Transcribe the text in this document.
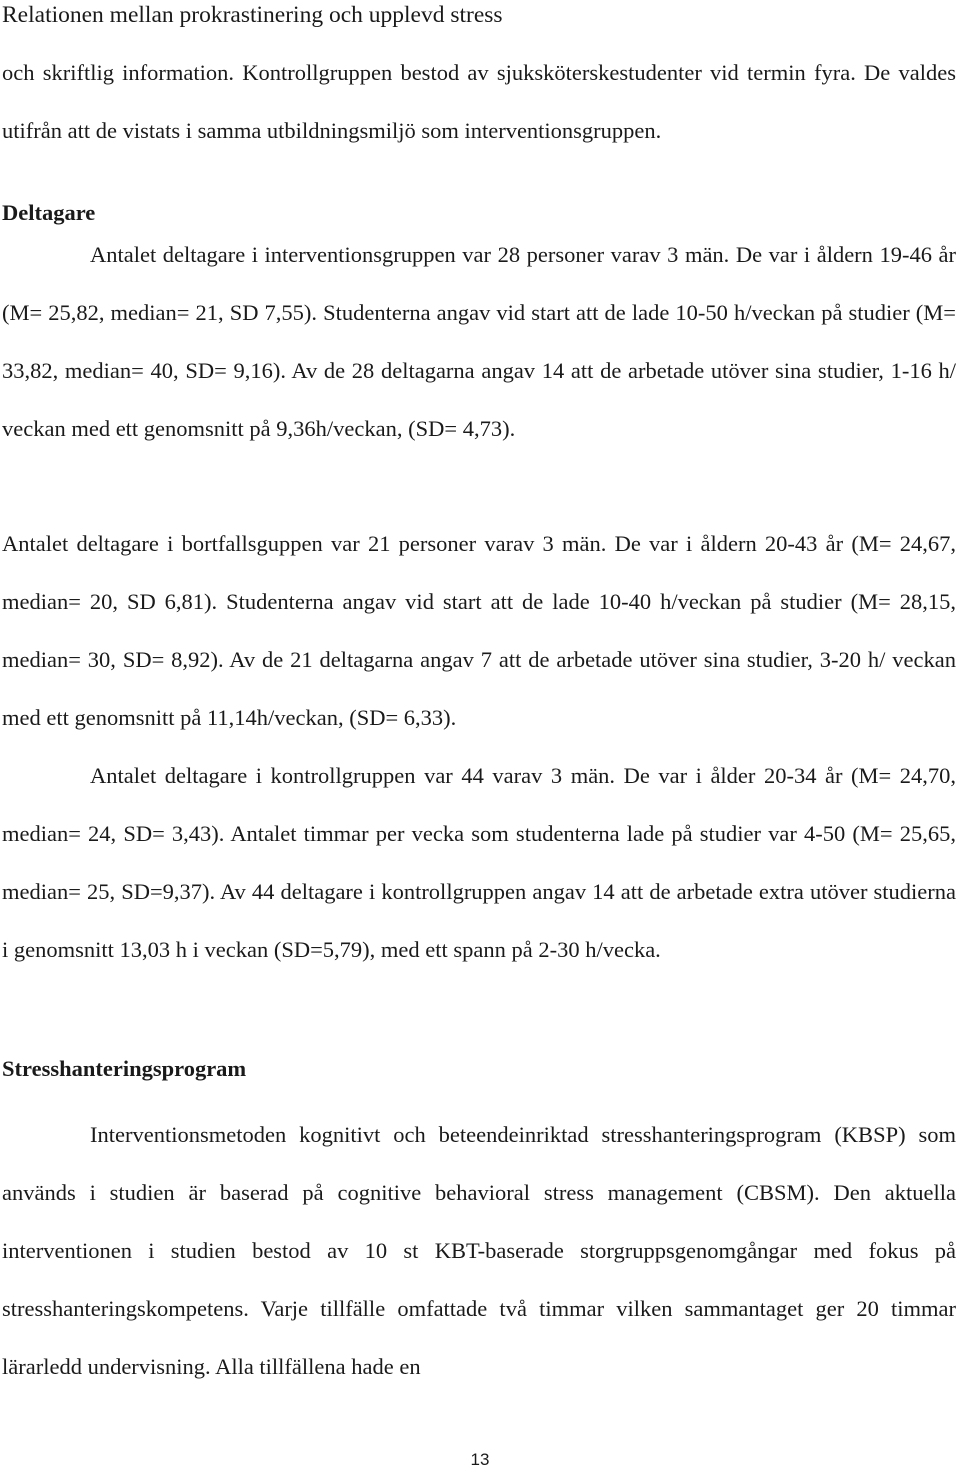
Relationen mellan prokrastinering och upplevd stress

och skriftlig information. Kontrollgruppen bestod av sjuksköterskestudenter vid termin fyra. De valdes utifrån att de vistats i samma utbildningsmiljö som interventionsgruppen.

Deltagare

Antalet deltagare i interventionsgruppen var 28 personer varav 3 män. De var i åldern 19-46 år (M= 25,82, median= 21, SD 7,55). Studenterna angav vid start att de lade 10-50 h/veckan på studier (M= 33,82, median= 40, SD= 9,16). Av de 28 deltagarna angav 14 att de arbetade utöver sina studier, 1-16 h/ veckan med ett genomsnitt på 9,36h/veckan, (SD= 4,73).

Antalet deltagare i bortfallsguppen var 21 personer varav 3 män. De var i åldern 20-43 år (M= 24,67, median= 20, SD 6,81). Studenterna angav vid start att de lade 10-40 h/veckan på studier (M= 28,15, median= 30, SD= 8,92). Av de 21 deltagarna angav 7 att de arbetade utöver sina studier, 3-20 h/ veckan med ett genomsnitt på 11,14h/veckan, (SD= 6,33).

Antalet deltagare i kontrollgruppen var 44 varav 3 män. De var i ålder 20-34 år (M= 24,70, median= 24, SD= 3,43). Antalet timmar per vecka som studenterna lade på studier var 4-50 (M= 25,65, median= 25, SD=9,37). Av 44 deltagare i kontrollgruppen angav 14 att de arbetade extra utöver studierna i genomsnitt 13,03 h i veckan (SD=5,79), med ett spann på 2-30 h/vecka.

Stresshanteringsprogram

Interventionsmetoden kognitivt och beteendeinriktad stresshanteringsprogram (KBSP) som används i studien är baserad på cognitive behavioral stress management (CBSM). Den aktuella interventionen i studien bestod av 10 st KBT-baserade storgruppsgenomgångar med fokus på stresshanteringskompetens. Varje tillfälle omfattade två timmar vilken sammantaget ger 20 timmar lärarledd undervisning. Alla tillfällena hade en

13
